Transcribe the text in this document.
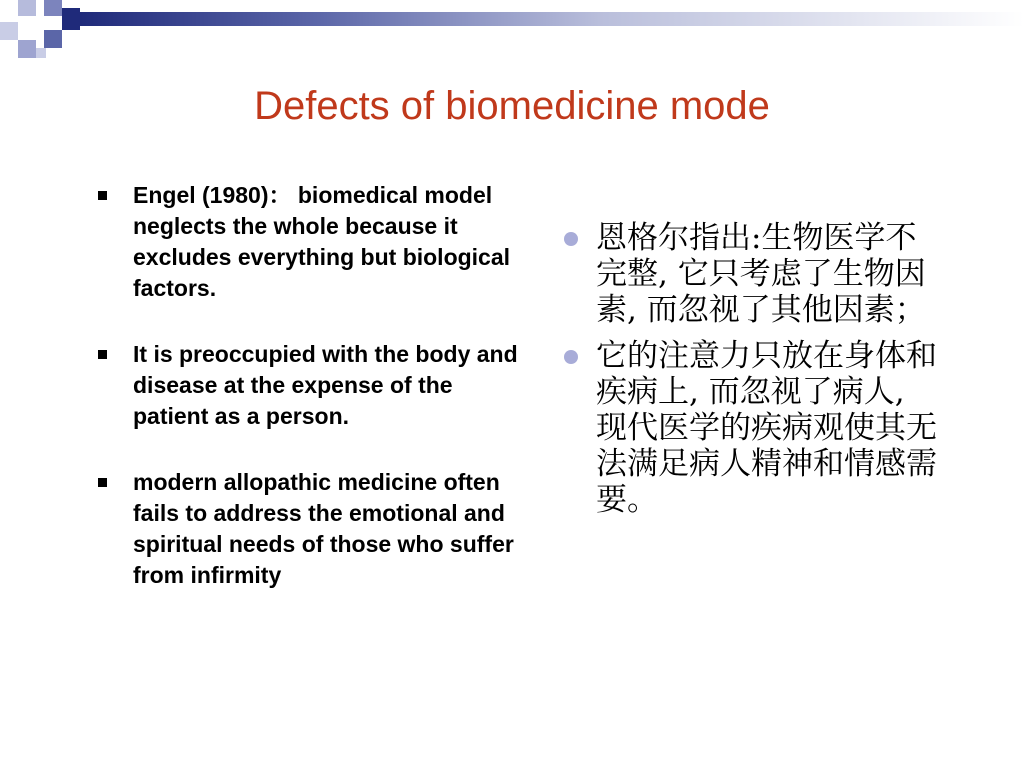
Defects of biomedicine mode
Engel (1980)： biomedical model neglects the whole because it excludes everything but biological factors.
It is preoccupied with the body and disease at the expense of the patient as a person.
modern allopathic medicine often fails to address the emotional and spiritual needs of those who suffer from infirmity
恩格尔指出:生物医学不完整, 它只考虑了生物因素, 而忽视了其他因素；
它的注意力只放在身体和疾病上, 而忽视了病人, 现代医学的疾病观使其无法满足病人精神和情感需要。
